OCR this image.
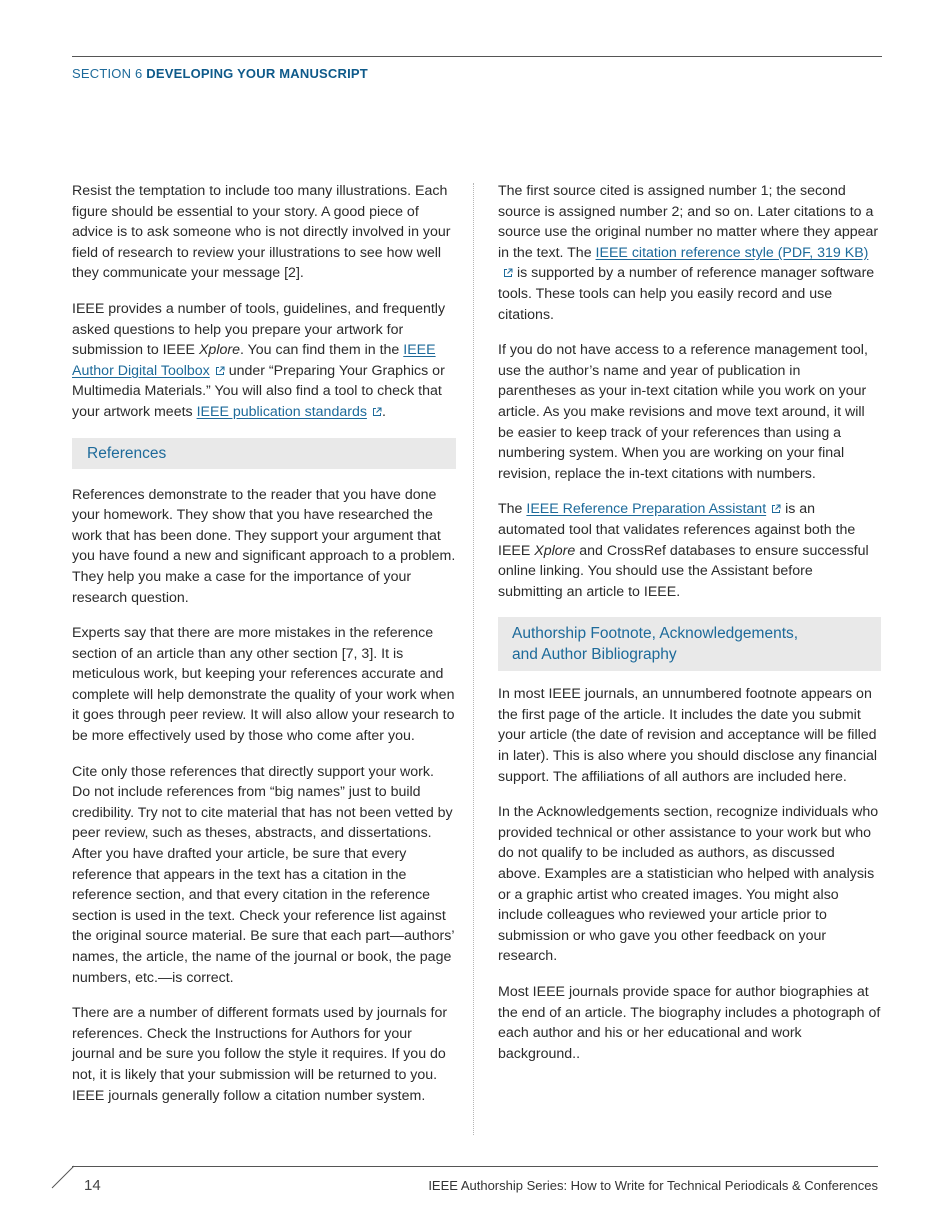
SECTION 6 DEVELOPING YOUR MANUSCRIPT

Resist the temptation to include too many illustrations. Each figure should be essential to your story. A good piece of advice is to ask someone who is not directly involved in your field of research to review your illustrations to see how well they communicate your message [2].

IEEE provides a number of tools, guidelines, and frequently asked questions to help you prepare your artwork for submission to IEEE Xplore. You can find them in the IEEE Author Digital Toolbox
under “Preparing Your Graphics or Multimedia Materials.” You will also find a tool to check that your artwork meets IEEE publication standards .

References

References demonstrate to the reader that you have done your homework. They show that you have researched the work that has been done. They support your argument that you have found a new and significant approach to a problem. They help you make a case for the importance of your research question.

Experts say that there are more mistakes in the reference section of an article than any other section [7, 3]. It is meticulous work, but keeping your references accurate and complete will help demonstrate the quality of your work when it goes through peer review. It will also allow your research to be more effectively used by those who come after you.

Cite only those references that directly support your work. Do not include references from “big names” just to build credibility. Try not to cite material that has not been vetted by peer review, such as theses, abstracts, and dissertations. After you have drafted your article, be sure that every reference that appears in the text has a citation in the reference section, and that every citation in the reference section is used in the text. Check your reference list against the original source material. Be sure that each part—authors’ names, the article, the name of the journal or book, the page numbers, etc.—is correct.

There are a number of different formats used by journals for references. Check the Instructions for Authors for your journal and be sure you follow the style it requires. If you do not, it is likely that your submission will be returned to you. IEEE journals generally follow a citation number system.

The first source cited is assigned number 1; the second source is assigned number 2; and so on. Later citations to a source use the original number no matter where they appear in the text. The IEEE citation reference style (PDF, 319 KB)
is supported by a number of reference manager software tools. These tools can help you easily record and use citations.

If you do not have access to a reference management tool, use the author’s name and year of publication in parentheses as your in-text citation while you work on your article. As you make revisions and move text around, it will be easier to keep track of your references than using a numbering system. When you are working on your final revision, replace the in-text citations with numbers.

The IEEE Reference Preparation Assistant
is an automated tool that validates references against both the IEEE Xplore and CrossRef databases to ensure successful online linking. You should use the Assistant before submitting an article to IEEE.

Authorship Footnote, Acknowledgements,
and Author Bibliography

In most IEEE journals, an unnumbered footnote appears on the first page of the article. It includes the date you submit your article (the date of revision and acceptance will be filled in later). This is also where you should disclose any financial support. The affiliations of all authors are included here.

In the Acknowledgements section, recognize individuals who provided technical or other assistance to your work but who do not qualify to be included as authors, as discussed above. Examples are a statistician who helped with analysis or a graphic artist who created images. You might also include colleagues who reviewed your article prior to submission or who gave you other feedback on your research.

Most IEEE journals provide space for author biographies at the end of an article. The biography includes a photograph of each author and his or her educational and work background..

14	IEEE Authorship Series: How to Write for Technical Periodicals & Conferences
